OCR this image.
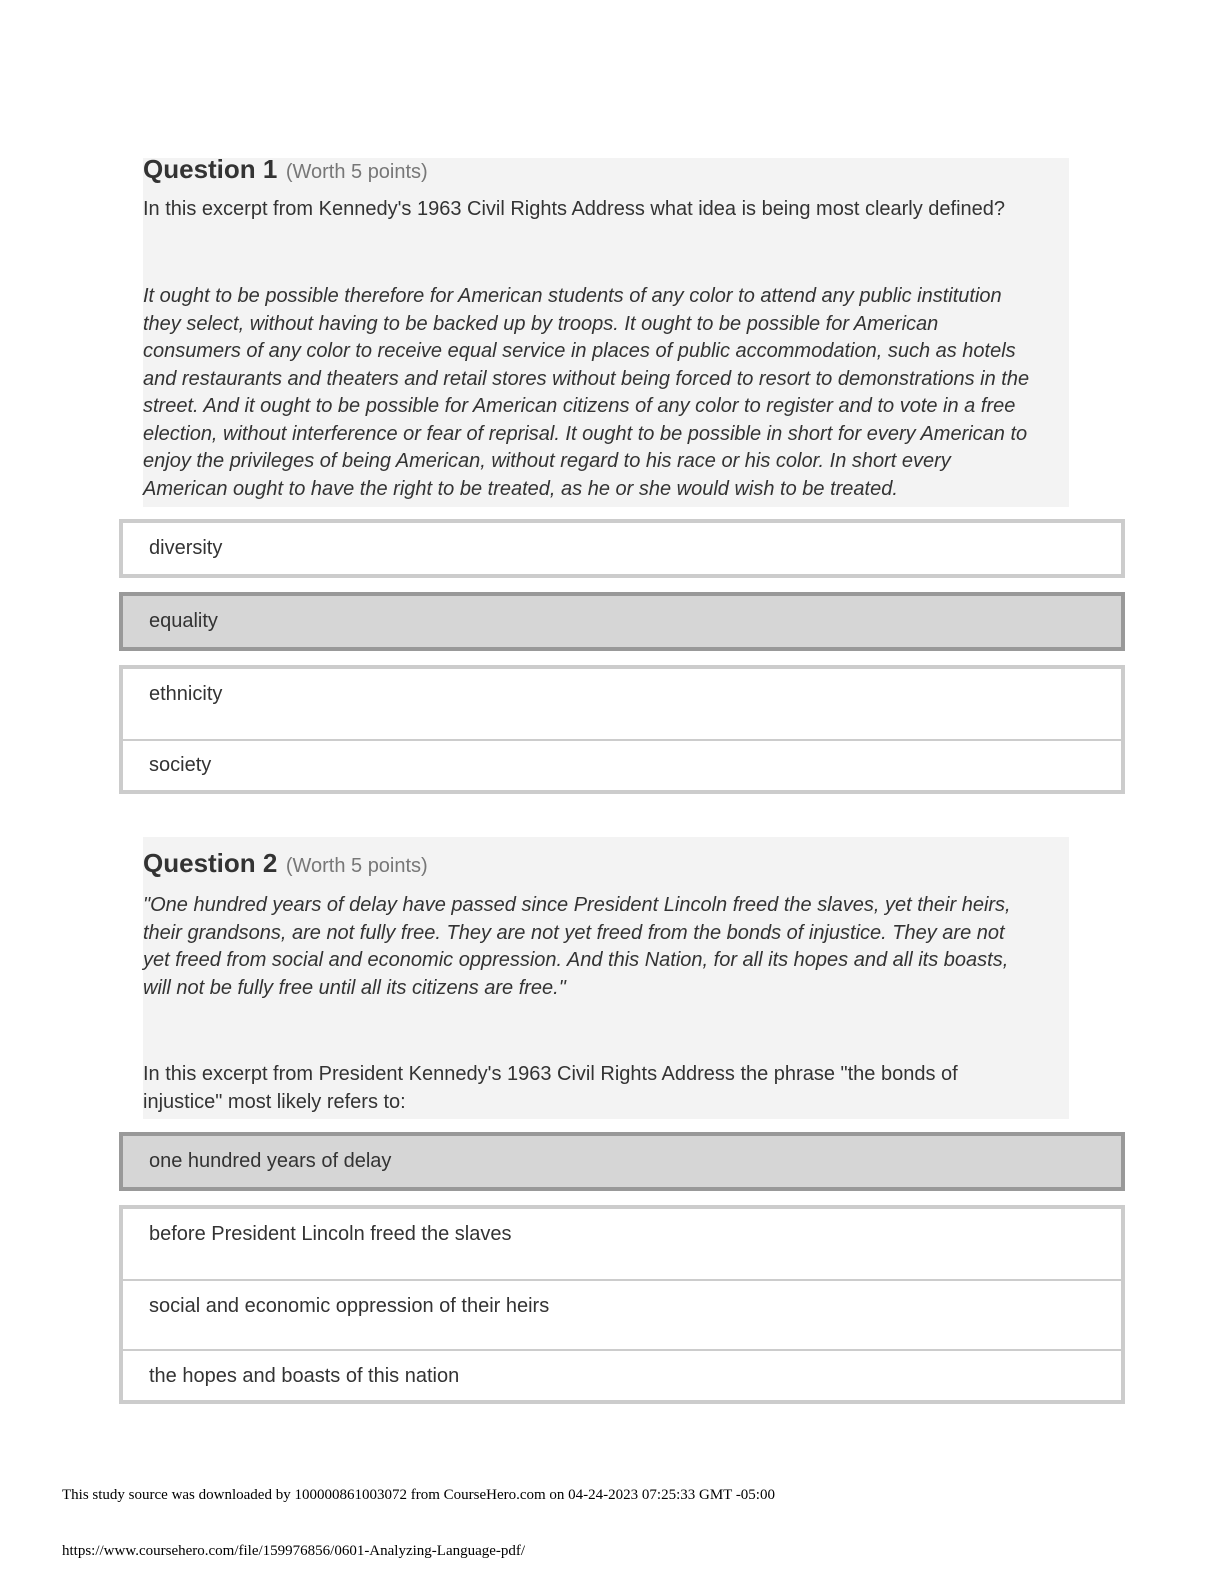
Question 1 (Worth 5 points)
In this excerpt from Kennedy's 1963 Civil Rights Address what idea is being most clearly defined?
It ought to be possible therefore for American students of any color to attend any public institution
they select, without having to be backed up by troops. It ought to be possible for American
consumers of any color to receive equal service in places of public accommodation, such as hotels
and restaurants and theaters and retail stores without being forced to resort to demonstrations in the
street. And it ought to be possible for American citizens of any color to register and to vote in a free
election, without interference or fear of reprisal. It ought to be possible in short for every American to
enjoy the privileges of being American, without regard to his race or his color. In short every
American ought to have the right to be treated, as he or she would wish to be treated.
diversity
equality
ethnicity
society
Question 2 (Worth 5 points)
"One hundred years of delay have passed since President Lincoln freed the slaves, yet their heirs,
their grandsons, are not fully free. They are not yet freed from the bonds of injustice. They are not
yet freed from social and economic oppression. And this Nation, for all its hopes and all its boasts,
will not be fully free until all its citizens are free."
In this excerpt from President Kennedy's 1963 Civil Rights Address the phrase "the bonds of
injustice" most likely refers to:
one hundred years of delay
before President Lincoln freed the slaves
social and economic oppression of their heirs
the hopes and boasts of this nation
This study source was downloaded by 100000861003072 from CourseHero.com on 04-24-2023 07:25:33 GMT -05:00
https://www.coursehero.com/file/159976856/0601-Analyzing-Language-pdf/
